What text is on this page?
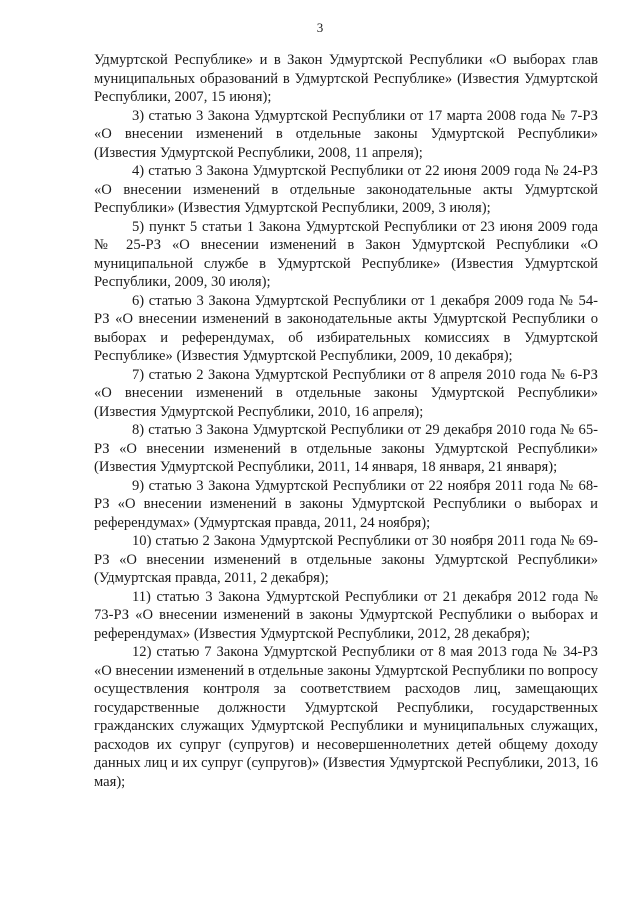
3

Удмуртской Республике» и в Закон Удмуртской Республики «О выборах глав муниципальных образований в Удмуртской Республике» (Известия Удмуртской Республики, 2007, 15 июня);

3) статью 3 Закона Удмуртской Республики от 17 марта 2008 года № 7-РЗ «О внесении изменений в отдельные законы Удмуртской Республики» (Известия Удмуртской Республики, 2008, 11 апреля);

4) статью 3 Закона Удмуртской Республики от 22 июня 2009 года № 24-РЗ «О внесении изменений в отдельные законодательные акты Удмуртской Республики» (Известия Удмуртской Республики, 2009, 3 июля);

5) пункт 5 статьи 1 Закона Удмуртской Республики от 23 июня 2009 года № 25-РЗ «О внесении изменений в Закон Удмуртской Республики «О муниципальной службе в Удмуртской Республике» (Известия Удмуртской Республики, 2009, 30 июля);

6) статью 3 Закона Удмуртской Республики от 1 декабря 2009 года № 54-РЗ «О внесении изменений в законодательные акты Удмуртской Республики о выборах и референдумах, об избирательных комиссиях в Удмуртской Республике» (Известия Удмуртской Республики, 2009, 10 декабря);

7) статью 2 Закона Удмуртской Республики от 8 апреля 2010 года № 6-РЗ «О внесении изменений в отдельные законы Удмуртской Республики» (Известия Удмуртской Республики, 2010, 16 апреля);

8) статью 3 Закона Удмуртской Республики от 29 декабря 2010 года № 65-РЗ «О внесении изменений в отдельные законы Удмуртской Республики» (Известия Удмуртской Республики, 2011, 14 января, 18 января, 21 января);

9) статью 3 Закона Удмуртской Республики от 22 ноября 2011 года № 68-РЗ «О внесении изменений в законы Удмуртской Республики о выборах и референдумах» (Удмуртская правда, 2011, 24 ноября);

10) статью 2 Закона Удмуртской Республики от 30 ноября 2011 года № 69-РЗ «О внесении изменений в отдельные законы Удмуртской Республики» (Удмуртская правда, 2011, 2 декабря);

11) статью 3 Закона Удмуртской Республики от 21 декабря 2012 года № 73-РЗ «О внесении изменений в законы Удмуртской Республики о выборах и референдумах» (Известия Удмуртской Республики, 2012, 28 декабря);

12) статью 7 Закона Удмуртской Республики от 8 мая 2013 года № 34-РЗ «О внесении изменений в отдельные законы Удмуртской Республики по вопросу осуществления контроля за соответствием расходов лиц, замещающих государственные должности Удмуртской Республики, государственных гражданских служащих Удмуртской Республики и муниципальных служащих, расходов их супруг (супругов) и несовершеннолетних детей общему доходу данных лиц и их супруг (супругов)» (Известия Удмуртской Республики, 2013, 16 мая);
